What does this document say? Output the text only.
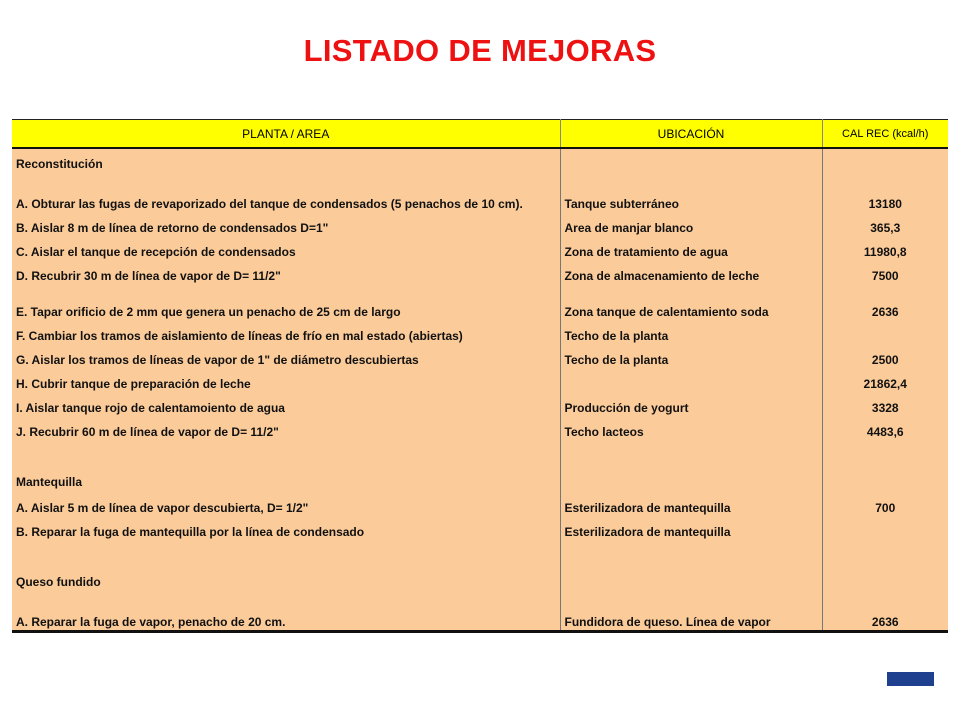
LISTADO DE MEJORAS
PLANTA / AREA	UBICACIÓN	CAL REC (kcal/h)
Reconstitución		
A. Obturar las fugas de revaporizado del tanque de condensados (5 penachos de 10 cm).	Tanque subterráneo	13180
B. Aislar 8 m de línea de retorno de condensados D=1"	Area de manjar blanco	365,3
C. Aislar el tanque de recepción de condensados	Zona de tratamiento de agua	11980,8
D. Recubrir 30 m de línea de vapor de D= 11/2"	Zona de almacenamiento de leche	7500
E. Tapar orificio de 2 mm que genera un penacho de 25 cm de largo	Zona tanque de calentamiento soda	2636
F. Cambiar los tramos de aislamiento de líneas de frío en mal estado (abiertas)	Techo de la planta	
G. Aislar los tramos de líneas de vapor de 1" de diámetro descubiertas	Techo de la planta	2500
H. Cubrir tanque de preparación de leche		21862,4
I. Aislar tanque rojo de calentamoiento de agua	Producción de yogurt	3328
J. Recubrir 60 m de línea de vapor de D= 11/2"	Techo lacteos	4483,6

Mantequilla		
A. Aislar 5 m de línea de vapor descubierta, D= 1/2"	Esterilizadora de mantequilla	700
B. Reparar la fuga de mantequilla por la línea de condensado	Esterilizadora de mantequilla	

Queso fundido		
A. Reparar la fuga de vapor, penacho de 20 cm.	Fundidora de queso. Línea de vapor	2636
